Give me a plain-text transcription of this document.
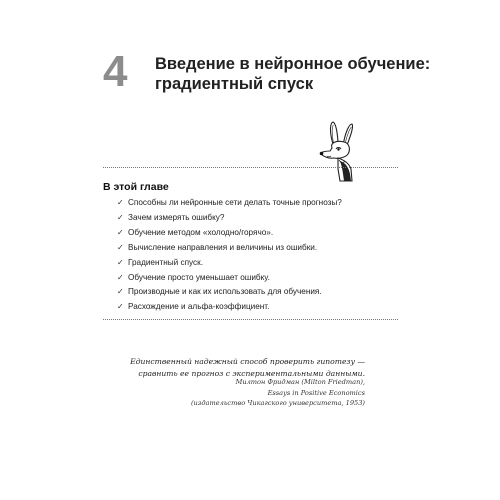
4 Введение в нейронное обучение:
градиентный спуск
В этой главе
✓ Способны ли нейронные сети делать точные прогнозы?
✓ Зачем измерять ошибку?
✓ Обучение методом «холодно/горячо».
✓ Вычисление направления и величины из ошибки.
✓ Градиентный спуск.
✓ Обучение просто уменьшает ошибку.
✓ Производные и как их использовать для обучения.
✓ Расхождение и альфа-коэффициент.
Единственный надежный способ проверить гипотезу —
сравнить ее прогноз с экспериментальными данными.
Милтон Фридман (Milton Friedman),
Essays in Positive Economics
(издательство Чикагского университета, 1953)
